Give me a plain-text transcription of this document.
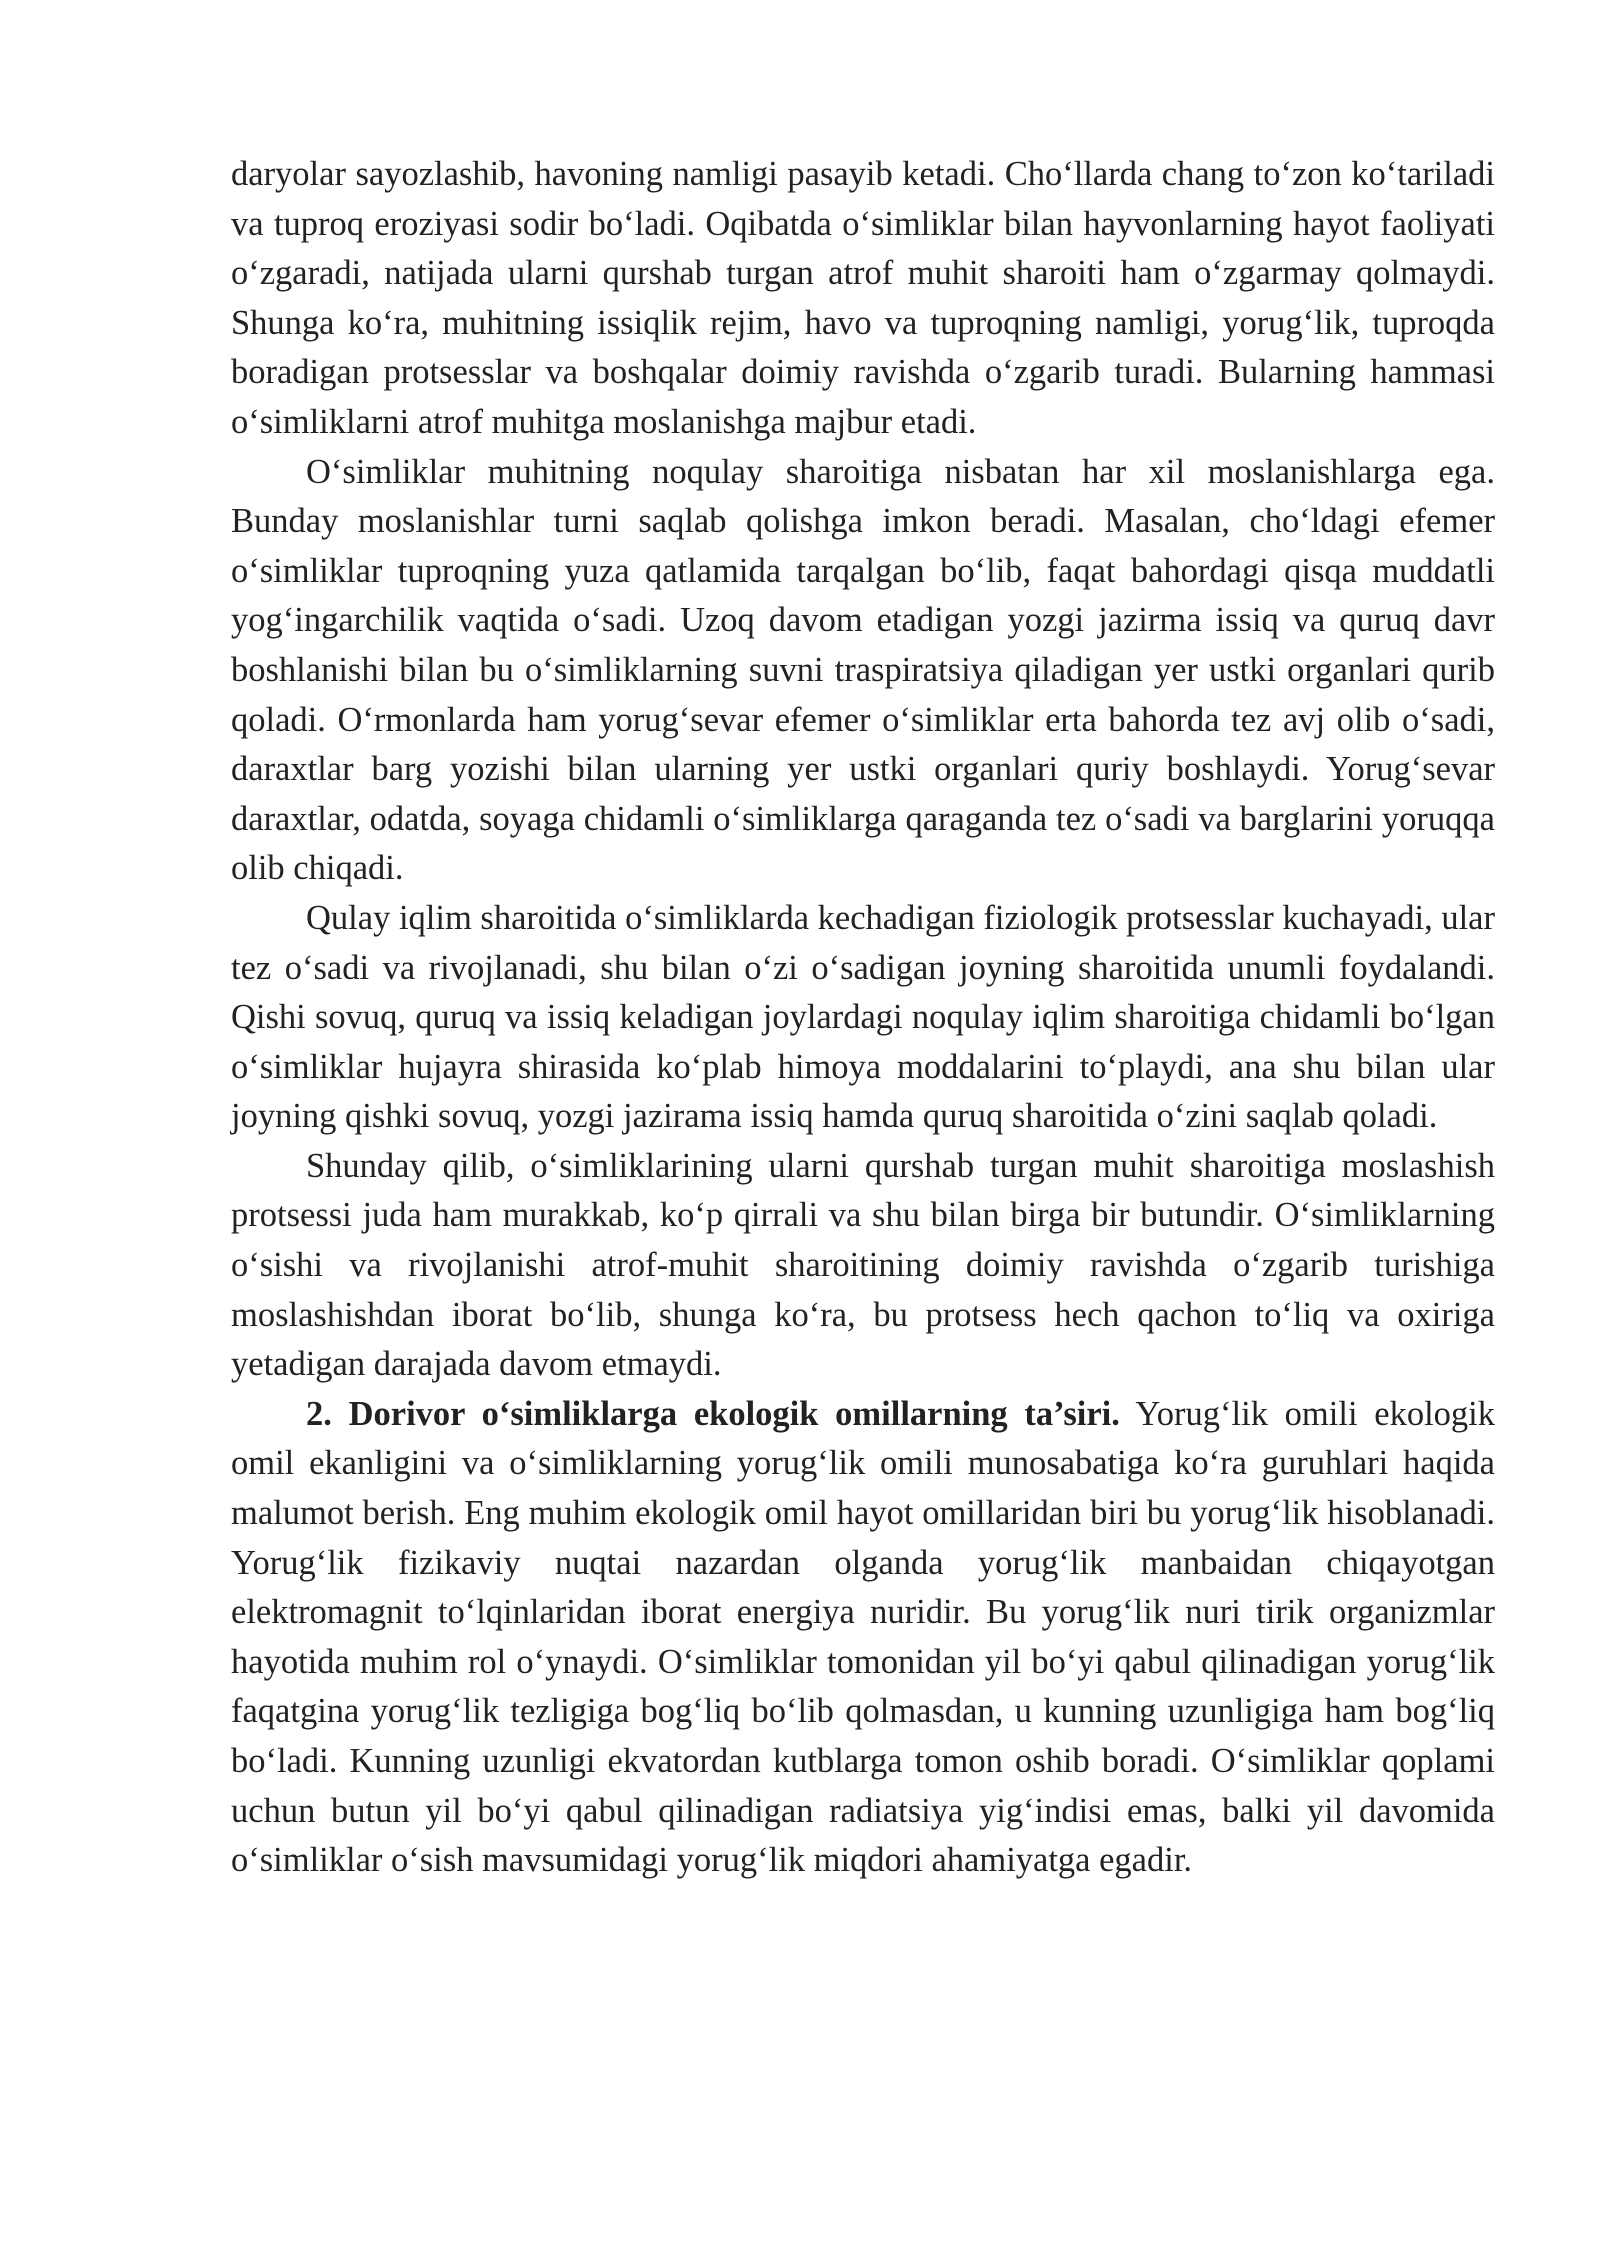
daryolar sayozlashib, havoning namligi pasayib ketadi. Cho‘llarda chang to‘zon ko‘tariladi va tuproq eroziyasi sodir bo‘ladi. Oqibatda o‘simliklar bilan hayvonlarning hayot faoliyati o‘zgaradi, natijada ularni qurshab turgan atrof muhit sharoiti ham o‘zgarmay qolmaydi. Shunga ko‘ra, muhitning issiqlik rejim, havo va tuproqning namligi, yorug‘lik, tuproqda boradigan protsesslar va boshqalar doimiy ravishda o‘zgarib turadi. Bularning hammasi o‘simliklarni atrof muhitga moslanishga majbur etadi.

O‘simliklar muhitning noqulay sharoitiga nisbatan har xil moslanishlarga ega. Bunday moslanishlar turni saqlab qolishga imkon beradi. Masalan, cho‘ldagi efemer o‘simliklar tuproqning yuza qatlamida tarqalgan bo‘lib, faqat bahordagi qisqa muddatli yog‘ingarchilik vaqtida o‘sadi. Uzoq davom etadigan yozgi jazirma issiq va quruq davr boshlanishi bilan bu o‘simliklarning suvni traspiratsiya qiladigan yer ustki organlari qurib qoladi. O‘rmonlarda ham yorug‘sevar efemer o‘simliklar erta bahorda tez avj olib o‘sadi, daraxtlar barg yozishi bilan ularning yer ustki organlari quriy boshlaydi. Yorug‘sevar daraxtlar, odatda, soyaga chidamli o‘simliklarga qaraganda tez o‘sadi va barglarini yoruqqa olib chiqadi.

Qulay iqlim sharoitida o‘simliklarda kechadigan fiziologik protsesslar kuchayadi, ular tez o‘sadi va rivojlanadi, shu bilan o‘zi o‘sadigan joyning sharoitida unumli foydalandi. Qishi sovuq, quruq va issiq keladigan joylardagi noqulay iqlim sharoitiga chidamli bo‘lgan o‘simliklar hujayra shirasida ko‘plab himoya moddalarini to‘playdi, ana shu bilan ular joyning qishki sovuq, yozgi jazirama issiq hamda quruq sharoitida o‘zini saqlab qoladi.

Shunday qilib, o‘simliklarining ularni qurshab turgan muhit sharoitiga moslashish protsessi juda ham murakkab, ko‘p qirrali va shu bilan birga bir butundir. O‘simliklarning o‘sishi va rivojlanishi atrof-muhit sharoitining doimiy ravishda o‘zgarib turishiga moslashishdan iborat bo‘lib, shunga ko‘ra, bu protsess hech qachon to‘liq va oxiriga yetadigan darajada davom etmaydi.

2. Dorivor o‘simliklarga ekologik omillarning ta’siri. Yorug‘lik omili ekologik omil ekanligini va o‘simliklarning yorug‘lik omili munosabatiga ko‘ra guruhlari haqida malumot berish. Eng muhim ekologik omil hayot omillaridan biri bu yorug‘lik hisoblanadi. Yorug‘lik fizikaviy nuqtai nazardan olganda yorug‘lik manbaidan chiqayotgan elektromagnit to‘lqinlaridan iborat energiya nuridir. Bu yorug‘lik nuri tirik organizmlar hayotida muhim rol o‘ynaydi. O‘simliklar tomonidan yil bo‘yi qabul qilinadigan yorug‘lik faqatgina yorug‘lik tezligiga bog‘liq bo‘lib qolmasdan, u kunning uzunligiga ham bog‘liq bo‘ladi. Kunning uzunligi ekvatordan kutblarga tomon oshib boradi. O‘simliklar qoplami uchun butun yil bo‘yi qabul qilinadigan radiatsiya yig‘indisi emas, balki yil davomida o‘simliklar o‘sish mavsumidagi yorug‘lik miqdori ahamiyatga egadir.
